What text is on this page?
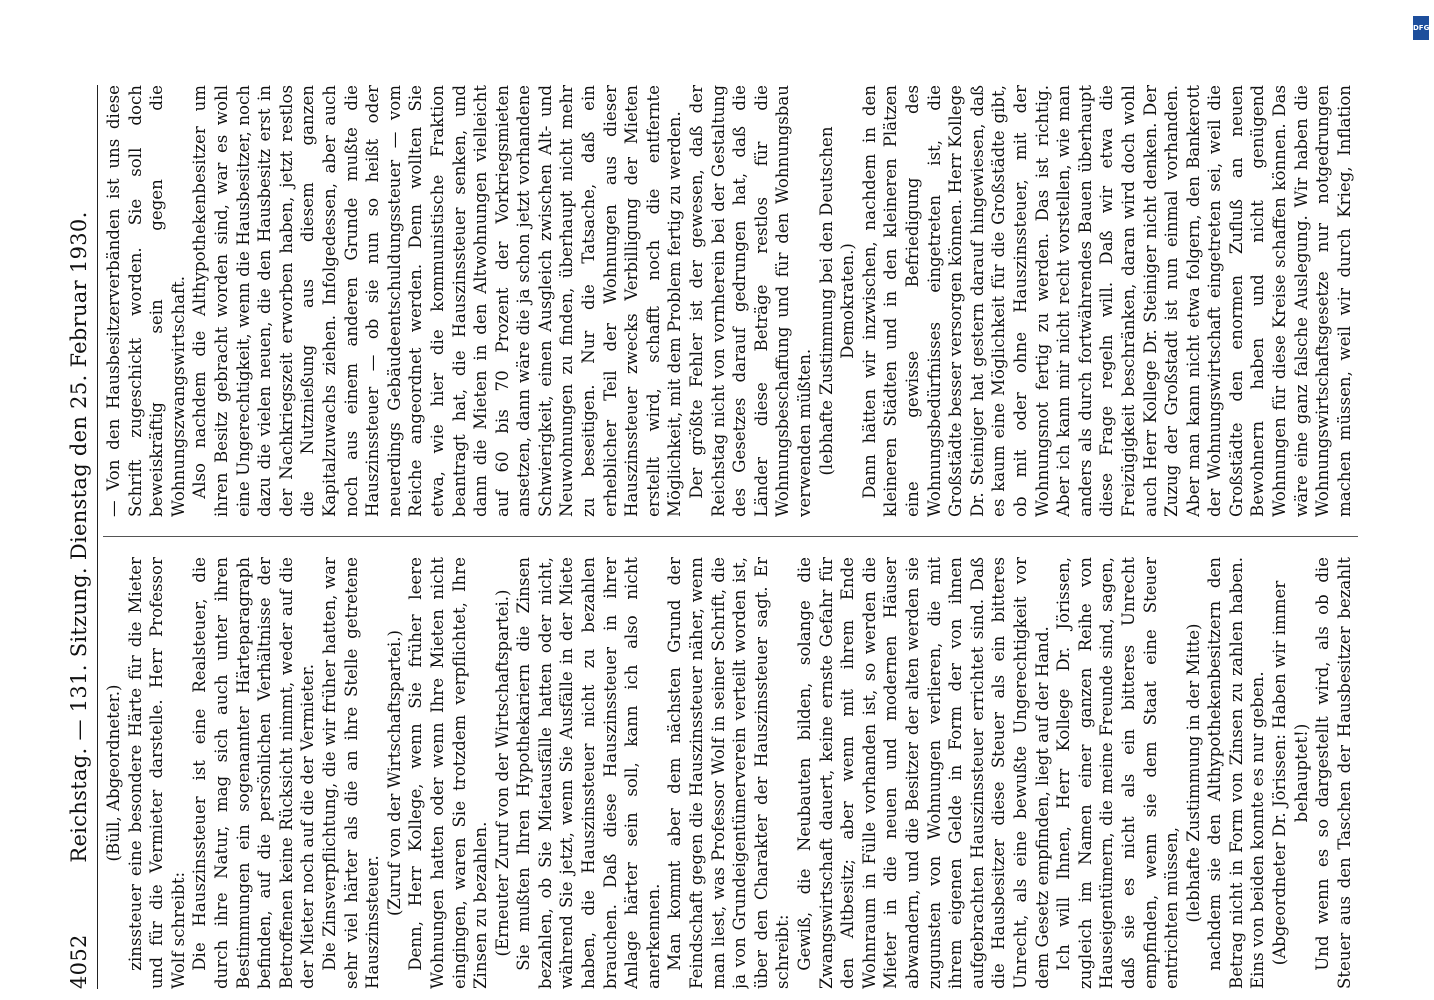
4052
Reichstag. — 131. Sitzung. Dienstag den 25. Februar 1930. (Büll, Abgeordneter.) zinssteuer eine besondere Härte für die Mieter und für die Vermieter darstelle. Herr Professor Wolf schreibt: Die Hauszinssteuer ist eine Realsteuer, die durch ihre Natur, mag sich auch unter ihren Bestimmungen ein sogenannter Härteparagraph befinden, auf die persönlichen Verhältnisse der Betroffenen keine Rücksicht nimmt, weder auf die der Mieter noch auf die der Vermieter. Die Zinsverpflichtung, die wir früher hatten, war sehr viel härter als die an ihre Stelle getretene Hauszinssteuer.

(Zuruf von der Wirtschaftspartei.) Denn, Herr Kollege, wenn Sie früher leere Wohnungen hatten oder wenn Ihre Mieten nicht eingingen, waren Sie trotzdem verpflichtet, Ihre Zinsen zu bezahlen. (Erneuter Zuruf von der Wirtschaftspartei.) Sie mußten Ihren Hypothekariern die Zinsen bezahlen, ob Sie Mietausfälle hatten oder nicht, während Sie jetzt, wenn Sie Ausfälle in der Miete haben, die Hauszinssteuer nicht zu bezahlen brauchen. Daß diese Hauszinssteuer in ihrer Anlage härter sein soll, kann ich also nicht anerkennen. Man kommt aber dem nächsten Grund der Feindschaft gegen die Hauszinssteuer näher, wenn man liest, was Professor Wolf in seiner Schrift, die ja von Grundeigentümerverein verteilt worden ist, über den Charakter der Hauszinssteuer sagt. Er schreibt: Gewiß, die Neubauten bilden, solange die Zwangswirtschaft dauert, keine ernste Gefahr für den Altbesitz; aber wenn mit ihrem Ende Wohnraum in Fülle vorhanden ist, so werden die Mieter in die neuen und modernen Häuser abwandern, und die Besitzer der alten werden sie zugunsten von Wohnungen verlieren, die mit ihrem eigenen Gelde in Form der von ihnen aufgebrachten Hauszinssteuer errichtet sind. Daß die Hausbesitzer diese Steuer als ein bitteres Unrecht, als eine bewußte Ungerechtigkeit vor dem Gesetz empfinden, liegt auf der Hand. Ich will Ihnen, Herr Kollege Dr. Jörissen, zugleich im Namen einer ganzen Reihe von Hauseigentümern, die meine Freunde sind, sagen, daß sie es nicht als ein bitteres Unrecht empfinden, wenn sie dem Staat eine Steuer entrichten müssen, (lebhafte Zustimmung in der Mitte) nachdem sie den Althypothekenbesitzern den Betrag nicht in Form von Zinsen zu zahlen haben. Eins von beiden konnte es nur geben. (Abgeordneter Dr. Jörissen: Haben wir immer behauptet!)

Und wenn es so dargestellt wird, als ob die Steuer aus den Taschen der Hausbesitzer bezahlt

— Von den Hausbesitzerverbänden ist uns diese Schrift zugeschickt worden. Sie soll doch beweiskräftig sein gegen die Wohnungszwangswirtschaft. Also nachdem die Althypothekenbesitzer um ihren Besitz gebracht worden sind, war es wohl eine Ungerechtigkeit, wenn die Hausbesitzer, noch dazu die vielen neuen, die den Hausbesitz erst in der Nachkriegszeit erworben haben, jetzt restlos die Nutznießung aus diesem ganzen Kapitalzuwachs ziehen. Infolgedessen, aber auch noch aus einem anderen Grunde mußte die Hauszinssteuer — ob sie nun so heißt oder neuerdings Gebäudeentschuldungssteuer — vom Reiche angeordnet werden. Denn wollten Sie etwa, wie hier die kommunistische Fraktion beantragt hat, die Hauszinssteuer senken, und dann die Mieten in den Altwohnungen vielleicht auf 60 bis 70 Prozent der Vorkriegsmieten ansetzen, dann wäre die ja schon jetzt vorhandene Schwierigkeit, einen Ausgleich zwischen Alt- und Neuwohnungen zu finden, überhaupt nicht mehr zu beseitigen. Nur die Tatsache, daß ein erheblicher Teil der Wohnungen aus dieser Hauszinssteuer zwecks Verbilligung der Mieten erstellt wird, schafft noch die entfernte Möglichkeit, mit dem Problem fertig zu werden. Der größte Fehler ist der gewesen, daß der Reichstag nicht von vornherein bei der Gestaltung des Gesetzes darauf gedrungen hat, daß die Länder diese Beträge restlos für die Wohnungsbeschaffung und für den Wohnungsbau verwenden müßten. (lebhafte Zustimmung bei den Deutschen Demokraten.)

Dann hätten wir inzwischen, nachdem in den kleineren Städten und in den kleineren Plätzen eine gewisse Befriedigung des Wohnungsbedürfnisses eingetreten ist, die Großstädte besser versorgen können. Herr Kollege Dr. Steiniger hat gestern darauf hingewiesen, daß es kaum eine Möglichkeit für die Großstädte gibt, ob mit oder ohne Hauszinssteuer, mit der Wohnungsnot fertig zu werden. Das ist richtig. Aber ich kann mir nicht recht vorstellen, wie man anders als durch fortwährendes Bauen überhaupt diese Frage regeln will. Daß wir etwa die Freizügigkeit beschränken, daran wird doch wohl auch Herr Kollege Dr. Steiniger nicht denken. Der Zuzug der Großstadt ist nun einmal vorhanden. Aber man kann nicht etwa folgern, den Bankerott der Wohnungswirtschaft eingetreten sei, weil die Großstädte den enormen Zufluß an neuen Bewohnern haben und nicht genügend Wohnungen für diese Kreise schaffen können. Das wäre eine ganz falsche Auslegung. Wir haben die Wohnungswirtschaftsgesetze nur notgedrungen machen müssen, weil wir durch Krieg, Inflation

DFG
